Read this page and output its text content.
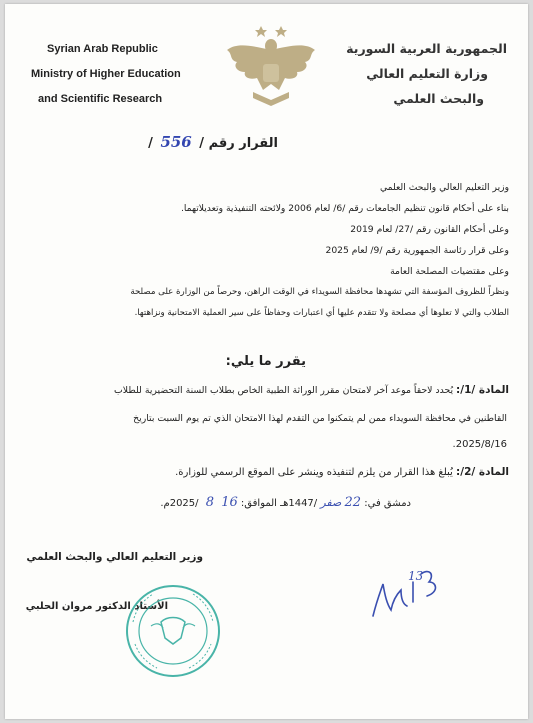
Syrian Arab Republic
Ministry of Higher Education
and Scientific Research
الجمهورية العربية السورية
وزارة التعليم العالي
والبحث العلمي
القرار رقم / 556 /
وزير التعليم العالي والبحث العلمي
بناء على أحكام قانون تنظيم الجامعات رقم /6/ لعام 2006 ولائحته التنفيذية وتعديلاتهما.
وعلى أحكام القانون رقم /27/ لعام 2019
وعلى قرار رئاسة الجمهورية رقم /9/ لعام 2025
وعلى مقتضيات المصلحة العامة
ونظراً للظروف المؤسفة التي تشهدها محافظة السويداء في الوقت الراهن، وحرصاً من الوزارة على مصلحة
الطلاب والتي لا تعلوها أي مصلحة ولا تتقدم عليها أي اعتبارات وحفاظاً على سير العملية الامتحانية ونزاهتها.
يقرر ما يلي:
المادة /1/: يُحدد لاحقاً موعد آخر لامتحان مقرر الوراثة الطبية الخاص بطلاب السنة التحضيرية للطلاب
القاطنين في محافظة السويداء ممن لم يتمكنوا من التقدم لهذا الامتحان الذي تم يوم السبت بتاريخ
2025/8/16.
المادة /2/: يُبلغ هذا القرار من يلزم لتنفيذه وينشر على الموقع الرسمي للوزارة.
دمشق في: 22 صفر /1447هـ الموافق: 16 8 /2025م.
وزير التعليم العالي والبحث العلمي
الأستاذ الدكتور مروان الحلبي
13
